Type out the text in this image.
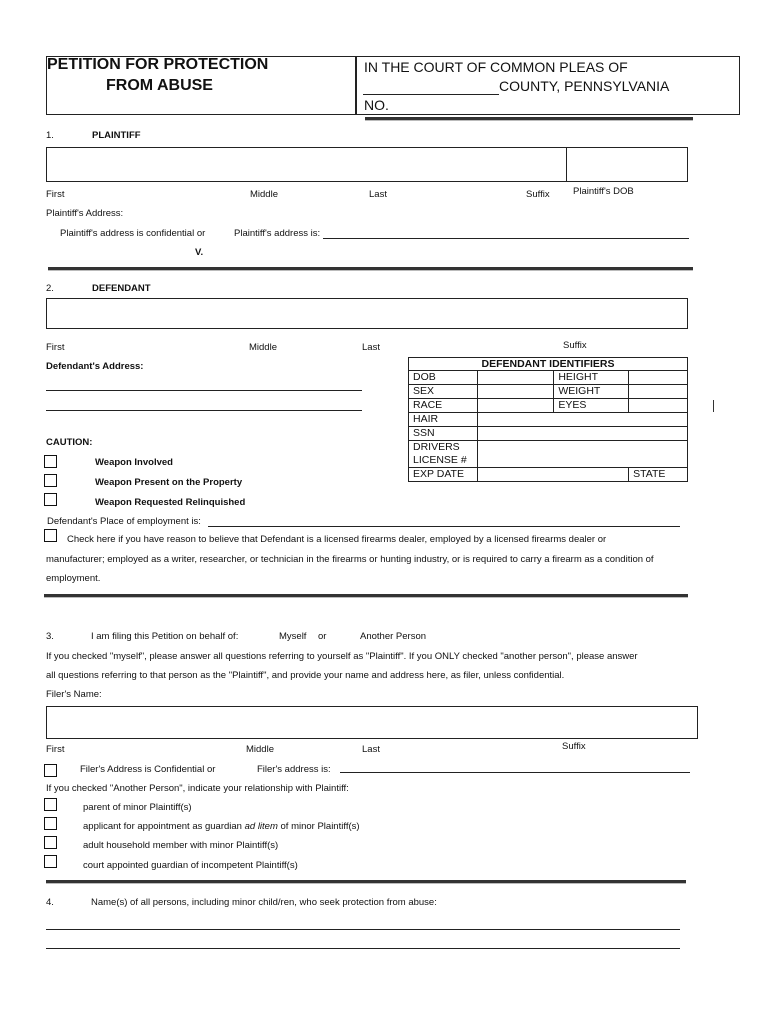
PETITION FOR PROTECTION
FROM ABUSE
IN THE COURT OF COMMON PLEAS OF
COUNTY, PENNSYLVANIA
NO.
1.	PLAINTIFF
First	Middle	Last	Suffix Plaintiff's DOB
Plaintiff's Address:
Plaintiff's address is confidential or	Plaintiff's address is:
V.
2.	DEFENDANT
First	Middle	Last	Suffix
Defendant's Address:	DEFENDANT IDENTIFIERS			
DOB		HEIGHT	
SEX		WEIGHT	
RACE		EYES	
HAIR			
SSN			

DRIVERS
LICENSE #			

EXP DATE			STATE
CAUTION:
Weapon Involved
Weapon Present on the Property
Weapon Requested Relinquished
Defendant's Place of employment is:
Check here if you have reason to believe that Defendant is a licensed firearms dealer, employed by a licensed firearms dealer or
manufacturer; employed as a writer, researcher, or technician in the firearms or hunting industry, or is required to carry a firearm as a condition of
employment.
3.	I am filing this Petition on behalf of:	Myself or	Another Person
If you checked "myself", please answer all questions referring to yourself as "Plaintiff". If you ONLY checked "another person", please answer
all questions referring to that person as the "Plaintiff", and provide your name and address here, as filer, unless confidential.
Filer's Name:
First	Middle	Last	Suffix
Filer's Address is Confidential or	Filer's address is:
If you checked "Another Person", indicate your relationship with Plaintiff:
parent of minor Plaintiff(s)
applicant for appointment as guardian ad litem of minor Plaintiff(s)
adult household member with minor Plaintiff(s)
court appointed guardian of incompetent Plaintiff(s)
4.	Name(s) of all persons, including minor child/ren, who seek protection from abuse:
